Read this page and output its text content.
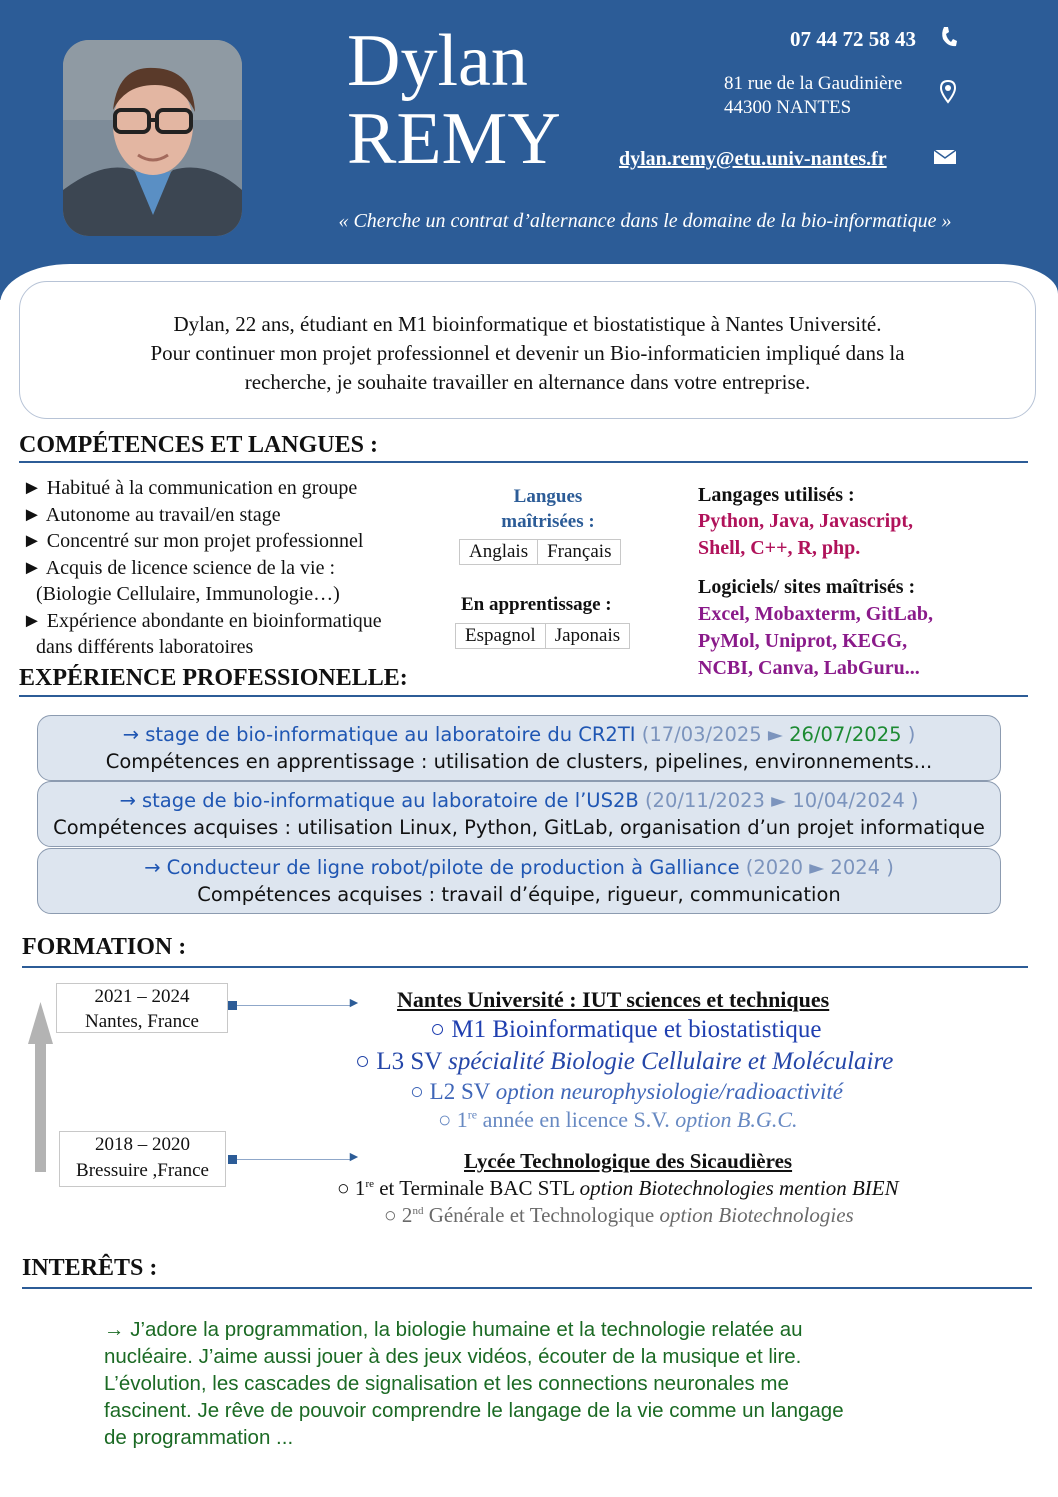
Dylan
REMY
07 44 72 58 43
81 rue de la Gaudinière
44300 NANTES
dylan.remy@etu.univ-nantes.fr
« Cherche un contrat d’alternance dans le domaine de la bio-informatique »
Dylan, 22 ans, étudiant en M1 bioinformatique et biostatistique à Nantes Université.
Pour continuer mon projet professionnel et devenir un Bio-informaticien impliqué dans la
recherche, je souhaite travailler en alternance dans votre entreprise.
COMPÉTENCES ET LANGUES :
► Habitué à la communication en groupe
► Autonome au travail/en stage
► Concentré sur mon projet professionnel
► Acquis de licence science de la vie :
(Biologie Cellulaire, Immunologie…)
► Expérience abondante en bioinformatique
dans différents laboratoires
Langues
maîtrisées :
Anglais	Français
En apprentissage :
Espagnol	Japonais
Langages utilisés :
Python, Java, Javascript,
Shell, C++, R, php.
Logiciels/ sites maîtrisés :
Excel, Mobaxterm, GitLab,
PyMol, Uniprot, KEGG,
NCBI, Canva, LabGuru...
EXPÉRIENCE PROFESSIONELLE:
→ stage de bio-informatique au laboratoire du CR2TI (17/03/2025 ► 26/07/2025 )
Compétences en apprentissage : utilisation de clusters, pipelines, environnements...
→ stage de bio-informatique au laboratoire de l’US2B (20/11/2023 ► 10/04/2024 )
Compétences acquises : utilisation Linux, Python, GitLab, organisation d’un projet informatique
→ Conducteur de ligne robot/pilote de production à Galliance (2020 ► 2024 )
Compétences acquises : travail d’équipe, rigueur, communication
FORMATION :
2021 – 2024
Nantes, France
► Nantes Université : IUT sciences et techniques
○ M1 Bioinformatique et biostatistique
○ L3 SV spécialité Biologie Cellulaire et Moléculaire
○ L2 SV option neurophysiologie/radioactivité
○ 1re année en licence S.V. option B.G.C.
2018 – 2020
Bressuire ,France
►	Lycée Technologique des Sicaudières
○ 1re et Terminale BAC STL option Biotechnologies mention BIEN
○ 2nd Générale et Technologique option Biotechnologies
INTERÊTS :
→ J’adore la programmation, la biologie humaine et la technologie relatée au
nucléaire. J’aime aussi jouer à des jeux vidéos, écouter de la musique et lire.
L’évolution, les cascades de signalisation et les connections neuronales me
fascinent. Je rêve de pouvoir comprendre le langage de la vie comme un langage
de programmation ...
